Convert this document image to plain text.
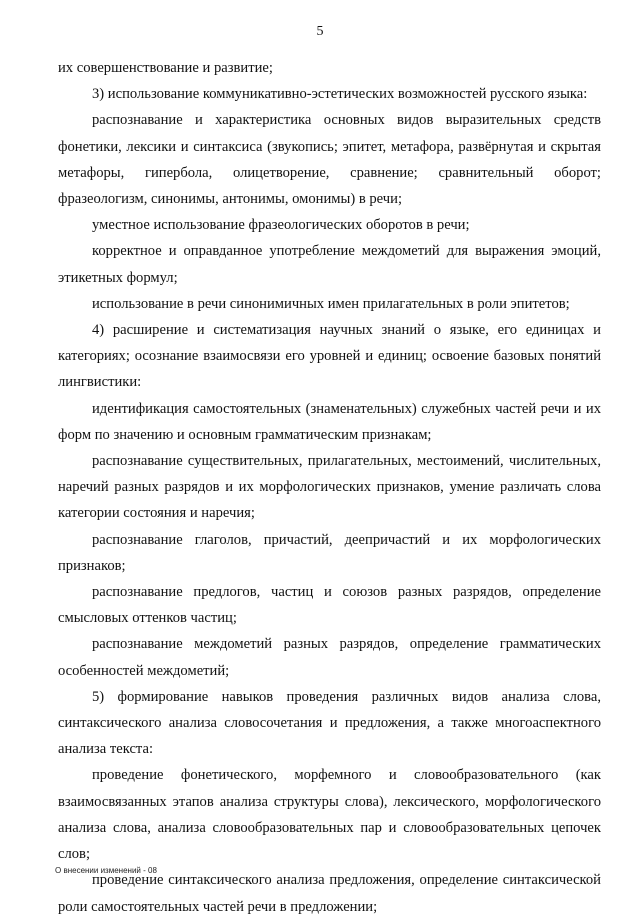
5

их совершенствование и развитие;

3) использование коммуникативно-эстетических возможностей русского языка:

распознавание и характеристика основных видов выразительных средств фонетики, лексики и синтаксиса (звукопись; эпитет, метафора, развёрнутая и скрытая метафоры, гипербола, олицетворение, сравнение; сравнительный оборот; фразеологизм, синонимы, антонимы, омонимы) в речи;

уместное использование фразеологических оборотов в речи;

корректное и оправданное употребление междометий для выражения эмоций, этикетных формул;

использование в речи синонимичных имен прилагательных в роли эпитетов;

4) расширение и систематизация научных знаний о языке, его единицах и категориях; осознание взаимосвязи его уровней и единиц; освоение базовых понятий лингвистики:

идентификация самостоятельных (знаменательных) служебных частей речи и их форм по значению и основным грамматическим признакам;

распознавание существительных, прилагательных, местоимений, числительных, наречий разных разрядов и их морфологических признаков, умение различать слова категории состояния и наречия;

распознавание глаголов, причастий, деепричастий и их морфологических признаков;

распознавание предлогов, частиц и союзов разных разрядов, определение смысловых оттенков частиц;

распознавание междометий разных разрядов, определение грамматических особенностей междометий;

5) формирование навыков проведения различных видов анализа слова, синтаксического анализа словосочетания и предложения, а также многоаспектного анализа текста:

проведение фонетического, морфемного и словообразовательного (как взаимосвязанных этапов анализа структуры слова), лексического, морфологического анализа слова, анализа словообразовательных пар и словообразовательных цепочек слов;

проведение синтаксического анализа предложения, определение синтаксической роли самостоятельных частей речи в предложении;

О внесении изменений - 08
